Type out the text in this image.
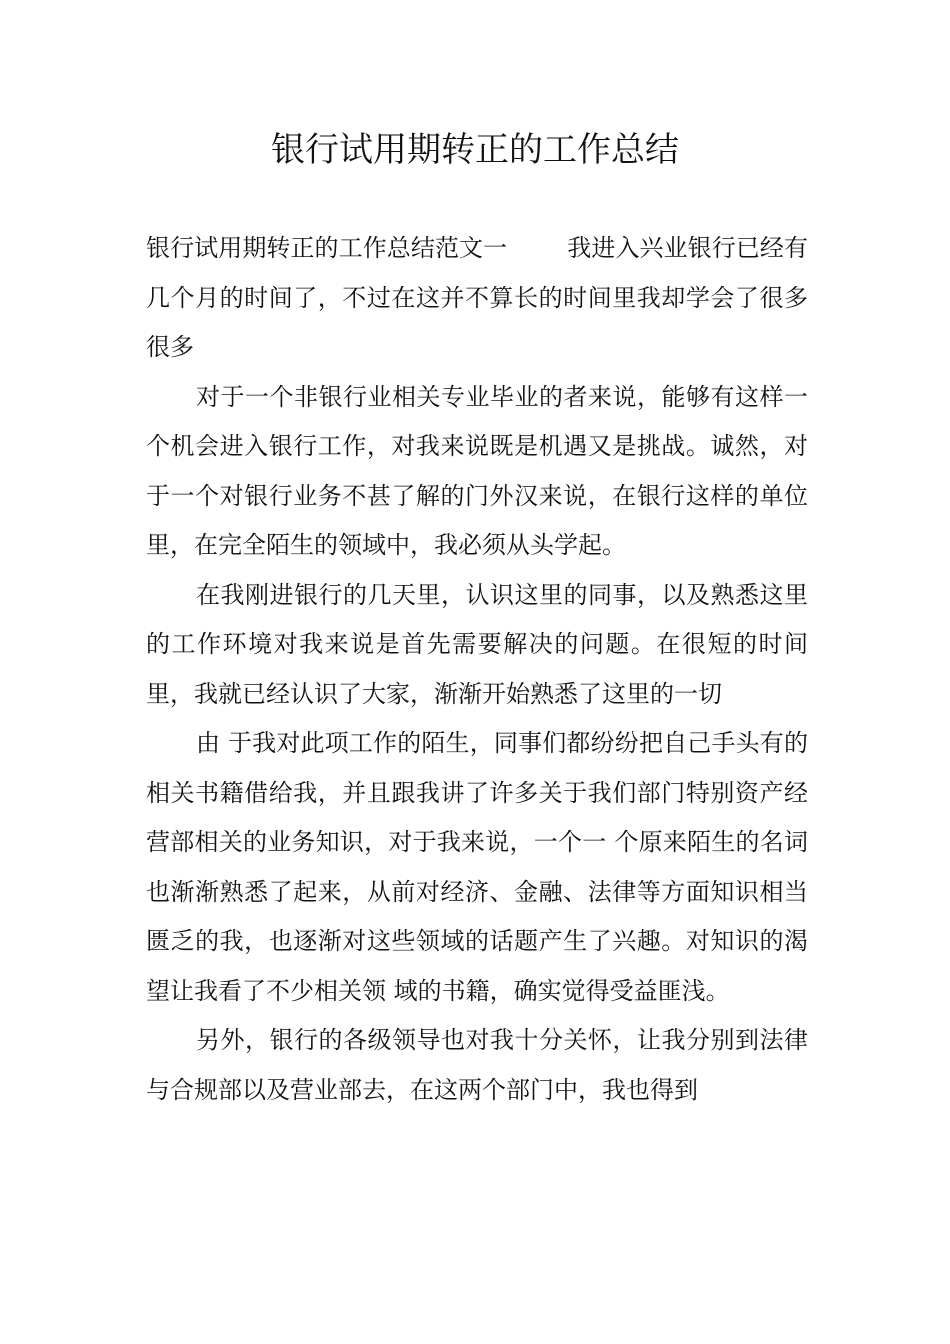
银行试用期转正的工作总结

银行试用期转正的工作总结范文一	我进入兴业银行已经有几个月的时间了，不过在这并不算长的时间里我却学会了很多很多

对于一个非银行业相关专业毕业的者来说，能够有这样一个机会进入银行工作，对我来说既是机遇又是挑战。诚然，对于一个对银行业务不甚了解的门外汉来说，在银行这样的单位里，在完全陌生的领域中，我必须从头学起。

在我刚进银行的几天里，认识这里的同事，以及熟悉这里的工作环境对我来说是首先需要解决的问题。在很短的时间里，我就已经认识了大家，渐渐开始熟悉了这里的一切

由 于我对此项工作的陌生，同事们都纷纷把自己手头有的相关书籍借给我，并且跟我讲了许多关于我们部门特别资产经营部相关的业务知识，对于我来说，一个一 个原来陌生的名词也渐渐熟悉了起来，从前对经济、金融、法律等方面知识相当匮乏的我，也逐渐对这些领域的话题产生了兴趣。对知识的渴望让我看了不少相关领 域的书籍，确实觉得受益匪浅。

另外，银行的各级领导也对我十分关怀，让我分别到法律与合规部以及营业部去，在这两个部门中，我也得到
